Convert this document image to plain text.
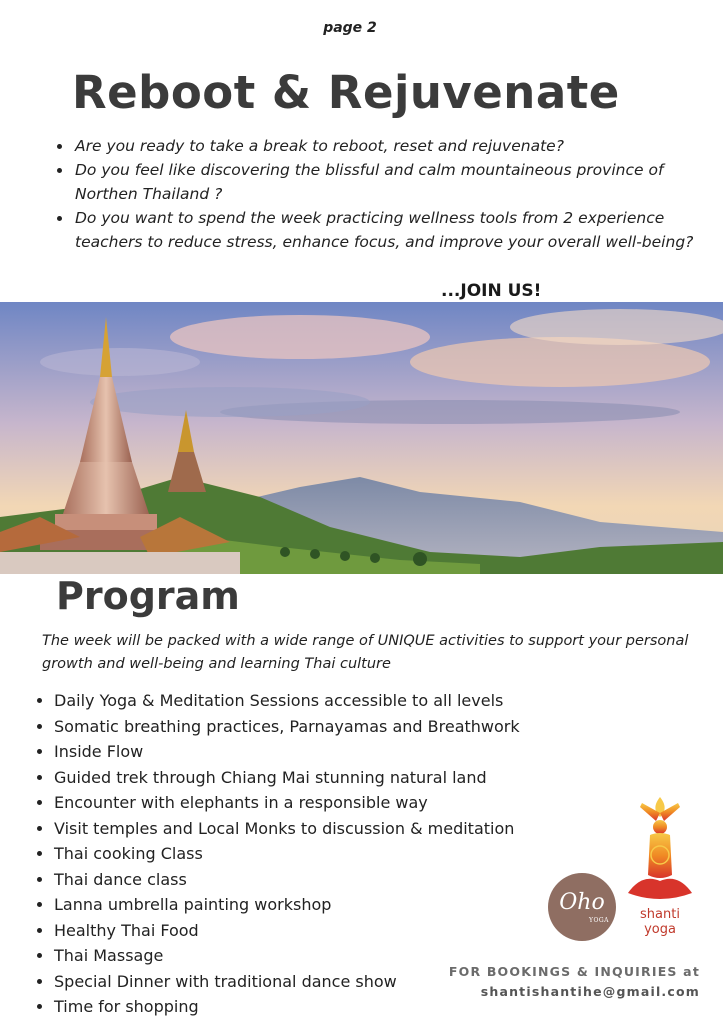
page 2
Reboot & Rejuvenate
• Are you ready to take a break to reboot, reset and rejuvenate?
• Do you feel like discovering the blissful and calm mountaineous province of Northen Thailand ?
• Do you want to spend the week practicing wellness tools from 2 experience teachers to reduce stress, enhance focus, and improve your overall well-being?
...JOIN US!
Program

The week will be packed with a wide range of UNIQUE activities to support your personal growth and well-being and learning Thai culture

• Daily Yoga & Meditation Sessions accessible to all levels
• Somatic breathing practices, Parnayamas and Breathwork
• Inside Flow
• Guided trek through Chiang Mai stunning natural land
• Encounter with elephants in a responsible way
• Visit temples and Local Monks to discussion & meditation
• Thai cooking Class
• Thai dance class
• Lanna umbrella painting workshop
• Healthy Thai Food
• Thai Massage
• Special Dinner with traditional dance show
• Time for shopping
Oho
YOGA	shanti
yoga
FOR BOOKINGS & INQUIRIES at
shantishantihe@gmail.com
